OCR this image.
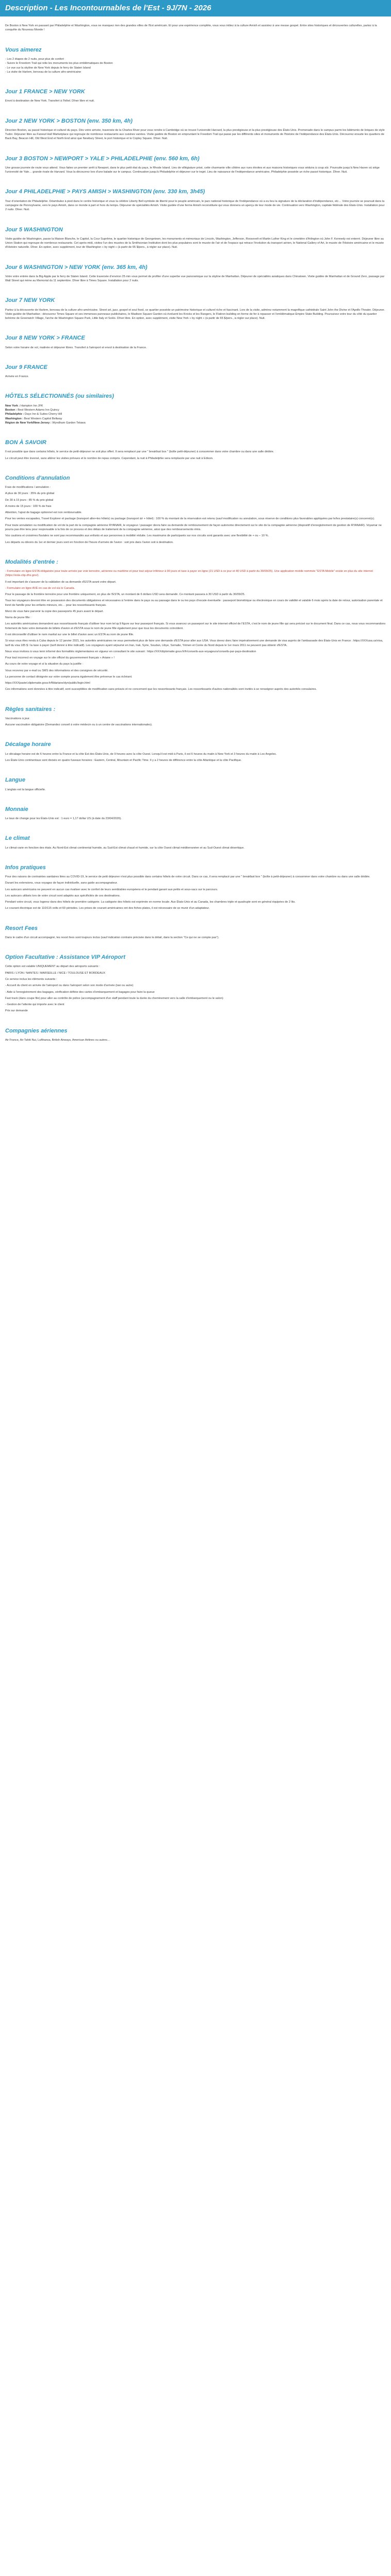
Description - Les Incontournables de l'Est - 9J/7N - 2026

De Boston à New York en passant par Philadelphie et Washington, vous ne manquez rien des grandes villes de l'Est américain. Et pour une expérience complète, vous vous initiez à la culture Amish et assistez à une messe gospel. Entre sites historiques et découvertes culturelles, partez à la conquête du Nouveau Monde !

Vous aimerez
- Les 2 étapes de 2 nuits, pour plus de confort
- Suivre le Freedom Trail qui relie les monuments les plus emblématiques de Boston
- Le vue sur la skyline de New York depuis le ferry de Staten Island
- La visite de Harlem, berceau de la culture afro-américaine
Jour 1 FRANCE > NEW YORK

Envol à destination de New York. Transfert à l'hôtel. Dîner libre et nuit.

Jour 2 NEW YORK > BOSTON (env. 350 km, 4h)

Direction Boston, au passé historique et culturel du pays. Dès votre arrivée, traversée de la Charles River pour vous rendre à Cambridge où se trouve l'université Harvard, la plus prestigieuse et la plus prestigieuse des États-Unis. Promenade dans le campus parmi les bâtiments de briques de style Tudor. Déjeuner libre au Faneuil Hall Marketplace qui regroupe de nombreux restaurants aux cuisines variées. Visite guidée de Boston en empruntant le Freedom Trail qui passe par les différents sites et monuments de l'histoire de l'indépendance des États-Unis. Découvrez ensuite les quartiers de Back Bay, Beacon Hill, Old West End et North End ainsi que Newbury Street, le port historique et le Copley Square. Dîner. Nuit.

Jour 3 BOSTON > NEWPORT > YALE > PHILADELPHIE (env. 560 km, 6h)

Une grosse journée de route vous attend. Vous faites un premier arrêt à Newport, dans le plus petit état du pays, le Rhode Island. Lieu de villégiature prisé, cette charmante ville côtière aux rues étroites et aux maisons historiques vous séduira à coup sûr. Poursuite jusqu'à New Haven où siège l'université de Yale… grande rivale de Harvard. Vous la découvrez lors d'une balade sur le campus. Continuation jusqu'à Philadelphie et déjeuner sur le trajet. Lieu de naissance de l'indépendance américaine, Philadelphie possède un riche passé historique. Dîner. Nuit.

Jour 4 PHILADELPHIE > PAYS AMISH > WASHINGTON (env. 330 km, 3h45)

Tour d'orientation de Philadelphie. Déambulez à pied dans le centre historique et vous la célèbre Liberty Bell symbole de liberté pour le peuple américain, le parc national historique de l'indépendance où a eu lieu la signature de la déclaration d'indépendance, etc… Votre journée se poursuit dans la campagne de Pennsylvanie, vers le pays Amish, dans ce monde à part et hors du temps. Déjeuner de spécialités Amish. Visite guidée d'une ferme Amish reconstituée qui vous donnera un aperçu de leur mode de vie. Continuation vers Washington, capitale fédérale des États-Unis. Installation pour 2 nuits. Dîner. Nuit.

Jour 5 WASHINGTON

Visite guidée de Washington, passe la Maison Blanche, le Capitol, la Cour Suprême, le quartier historique de Georgetown, les monuments et mémoriaux de Lincoln, Washington, Jefferson, Roosevelt et Martin Luther King et le cimetière d'Arlington où John F. Kennedy est enterré. Déjeuner libre au Union Station qui regroupe de nombreux restaurants. Cet après-midi, visitez l'un des musées de la Smithsonian Institution dont les plus populaires sont le musée de l'air et de l'espace qui retrace l'évolution du transport aérien, le National Gallery of Art, le musée de l'Histoire américaine et le musée d'Histoire naturelle. Dîner. En option, avec supplément, tour de Washington « by night » (à partir de 65 $/pers., à régler sur place). Nuit.

Jour 6 WASHINGTON > NEW YORK (env. 365 km, 4h)

Votre votre entrée dans la Big Apple par le ferry de Staten Island. Cette traversée d'environ 25 min vous permet de profiter d'une superbe vue panoramique sur la skyline de Manhattan. Déjeuner de spécialités asiatiques dans Chinatown. Visite guidée de Manhattan et de Ground Zero, passage par Wall Street qui mène au Memorial du 11 septembre. Dîner libre à Times Square. Installation pour 2 nuits.

Jour 7 NEW YORK

Partez à la découverte de Harlem, berceau de la culture afro-américaine. Street art, jazz, gospel et soul food, ce quartier possède un patrimoine historique et culturel riche et fascinant. Lors de la visite, admirez notamment la magnifique cathédrale Saint John the Divine et l'Apollo Theater. Déjeuner. Visite guidée de Manhattan : découvrez Times Square et ses immenses panneaux publicitaires, le Madison Square Garden où évoluent les Knicks et les Rangers, le Flatiron building en forme de fer à repasser et l'emblématique Empire State Building. Poursuivez votre tour du côté du quartier bohème de Greenwich Village, l'arche de Washington Square Park, Little Italy et SoHo. Dîner libre. En option, avec supplément, visite New York « by night » (à partir de 65 $/pers., à régler sur place). Nuit.

Jour 8 NEW YORK > FRANCE

Selon votre horaire de vol, matinée et déjeuner libres. Transfert à l'aéroport et envol à destination de la France.

Jour 9 FRANCE

Arrivée en France.

HÔTELS SÉLECTIONNÉS (ou similaires)
New York : Hampton Inn JFK
Boston : Best Western Adams Inn Quincy
Philadelphie : Days Inn & Suites Cherry Hill
Washington : Best Western Capitol Beltway
Région de New York/New-Jersey : Wyndham Garden Tetawa
BON À SAVOIR

Il est possible que dans certains hôtels, le service de petit-déjeuner ne soit plus offert. Il sera remplacé par une " breakfast box " (boîte petit-déjeuner) à consommer dans votre chambre ou dans une salle dédiée.

Le circuit peut être inversé, sans altérer les visites prévues et le nombre de repas compris. Cependant, la nuit à Philadelphie sera remplacée par une nuit à Edison.

Conditions d'annulation

Frais de modifications / annulation :

A plus de 30 jours : 35% du prix global

De 30 à 15 jours : 85 % du prix global

A moins de 15 jours : 100 % de frais

Attention, l'ajout de bagage optionnel est non remboursable.

Pour les ventes escapades, Travel Explorer et package (transport aller+les hôtels) ou package (transport à/r + hôtel) : 100 % du montant de la réservation est retenu (sauf modification ou annulation, sous réserve de conditions plus favorables appliquées par le/les prestataire(s) concerné(s).

Pour toute annulation ou modification de vol de la part de la compagnie aérienne RYANAIR, le voyageur / passager devra faire sa demande de remboursement de façon autonome directement sur le site de la compagnie aérienne (dispositif d'enregistrement de gestion de RYANAIR). Voyamar ne pourra pas être tenu pour responsable à la fois de ce process et des délais de traitement de la compagnie aérienne, ainsi que des remboursements émis.

Vos cautions et croisières fluviales ne sont pas recommandés aux enfants et aux personnes à mobilité réduite. Les maximums de participants sur nos circuits sont garantis avec une flexibilité de + ou – 10 %.

Les départs ou dévers du 1er et dernier jours sont en fonction de l'heure d'arrivée de l'avion : soit pris dans l'avion soit à destination.

Modalités d'entrée :

- Formulaire en ligne ESTA obligatoire pour toute arrivée par voie terrestre, aérienne ou maritime et pour tout séjour inférieur à 90 jours et taxe à payer en ligne (21 USD à ce jour et 40 USD à partir du 30/09/25). Une application mobile nommée "ESTA Mobile" existe en plus du site internet (https://esta.cbp.dhs.gov/).

Il est important de s'assurer de la validation de sa demande d'ESTA avant votre départ.

- Formulaire en ligne AVE en cas de vol via le Canada.

Pour le passage de la frontière terrestre pour une frontière uniquement, en plus de l'ESTA, un montant de 6 dollars USD sera demandé. Ce montant passera à 30 USD à partir du 30/09/25.

Tous les voyageurs devront être en possession des documents obligatoires et nécessaires à l'entrée dans le pays ou au passage dans le ou les pays d'escale éventuelle : passeport biométrique ou électronique en cours de validité et valable 6 mois après la date de retour, autorisation parentale et livret de famille pour les enfants mineurs, etc… pour les ressortissants français.

Merci de vous faire parvenir la copie des passeports 45 jours avant le départ.

Noms de jeune fille :

Les autorités américaines demandent aux ressortissants français d'utiliser leur nom tel qu'il figure sur leur passeport français. Si vous avancez un passeport sur le site internet officiel de l'ESTA, c'est le nom de jeune fille qui sera précisé sur le document final. Dans ce cas, nous vous recommandons fortement de faire votre demande de billets d'avion et d'ESTA sous le nom de jeune fille également pour que tous les documents coïncident.

Il est déconseillé d'utiliser le nom marital sur une le billet d'avion avec un ESTA au nom de jeune fille.

Si vous vous êtes rendu à Cuba depuis le 12 janvier 2021, les autorités américaines ne vous permettent plus de faire une demande d'ESTA pour aller aux USA. Vous devez donc faire impérativement une demande de visa auprès de l'ambassade des États-Unis en France : https://XXXusa.us/visa, tarif du visa 185 $ / la taxe à payer (tarif donné à titre indicatif). Les voyageurs ayant séjourné en Iran, Irak, Syrie, Soudan, Libye, Somalie, Yémen et Corée du Nord depuis le 1er mars 2011 ne peuvent pas obtenir d'ESTA.

Nous vous invitons à vous tenir informé des formalités réglementaires en vigueur en consultant le site suivant : https://XXXdiplomatie.gouv.fr/fr/conseils-aux-voyageurs/conseils-par-pays-destination

Pour tout incorrect en voyage sur le site officiel du gouvernement français « Ariane » !

Au cours de votre voyage et si la situation du pays la justifie :

Vous recevrez par e-mail ou SMS des informations et des consignes de sécurité.

La personne de contact désignée sur votre compte pourra également être prévenue le cas échéant.

https://XXXpastel.diplomatie.gouv.fr/fildariane/dyn/public/login.html

Ces informations sont données à titre indicatif, sont susceptibles de modification sans préavis et ne concernent que les ressortissants français. Les ressortissants d'autres nationalités sont invités à se renseigner auprès des autorités consulaires.

Règles sanitaires :

Vaccinations à jour.

Aucune vaccination obligatoire (Demandez conseil à votre médecin ou à un centre de vaccinations internationales).

Décalage horaire

Le décalage horaire est de 6 heures entre la France et la côte Est des États-Unis, de 9 heures avec la côte Ouest. Lorsqu'il est midi à Paris, il est 6 heures du matin à New York et 3 heures du matin à Los Angeles.

Les États-Unis continentaux sont divisés en quatre fuseaux horaires : Eastern, Central, Mountain et Pacific Time. Il y a 2 heures de différence entre la côte Atlantique et la côte Pacifique.

Langue

L'anglais est la langue officielle.

Monnaie

Le taux de change pour les États-Unis est : 1 euro = 1,17 dollar US (à date du 23/04/2026).

Le climat

Le climat varie en fonction des états. Au Nord-Est climat continental humide, au Sud-Est climat chaud et humide, sur la côte Ouest climat méditerranéen et au Sud-Ouest climat désertique.

Infos pratiques

Pour des raisons de contraintes sanitaires liées au COVID-19, le service de petit déjeuner n'est plus possible dans certains hôtels de votre circuit. Dans ce cas, il sera remplacé par une " breakfast box " (boîte à petit-déjeuner) à consommer dans votre chambre ou dans une salle dédiée.

Durant les extensions, vous voyagez de façon individuelle, sans guide accompagnateur.

Les autocars américains ne peuvent en aucun cas rivaliser avec le confort de leurs semblables européens et le pendant garant aux petits et sous-sacs sur le parcours.

Les autocars utilisés lors de votre circuit sont adaptés aux spécificités de ces destinations.

Pendant votre circuit, vous logerez dans des hôtels de première catégorie. La catégorie des hôtels est exprimée en norme locale. Aux États-Unis et au Canada, les chambres triple et quadruple sont en général équipées de 2 lits.

Le courant électrique est de 110/115 volts et 60 périodes. Les prises de courant américaines ont des fiches plates, il est nécessaire de se munir d'un adaptateur.

Resort Fees

Dans le cadre d'un circuit accompagné, les resort fees sont toujours inclus (sauf indication contraire précisée dans le détail, dans la section "Ce qui ne se compte pas").

Option Facultative : Assistance VIP Aéroport

Cette option est valable UNIQUEMENT au départ des aéroports suivants :

PARIS / LYON / NANTES / MARSEILLE / NICE / TOULOUSE ET BORDEAUX

Ce service inclus les éléments suivants :

- Accueil du client en arrivée de l'aéroport ou dans l'aéroport selon son mode d'arrivée (taxi ou autre)

- Aide à l'enregistrement des bagages, vérification définie des cartes d'embarquement et bagages pour faire la queue

Fast track (dans coupe file) pour aller au contrôle de police (accompagnement d'un staff pendant toute la durée du cheminement vers la salle d'embarquement ou le salon)

- Gestion de l'attente qui importe avec le client

Prix sur demande

Compagnies aériennes

Air France, Air Tahiti Nui, Lufthansa, British Airways, American Airlines ou autres…
